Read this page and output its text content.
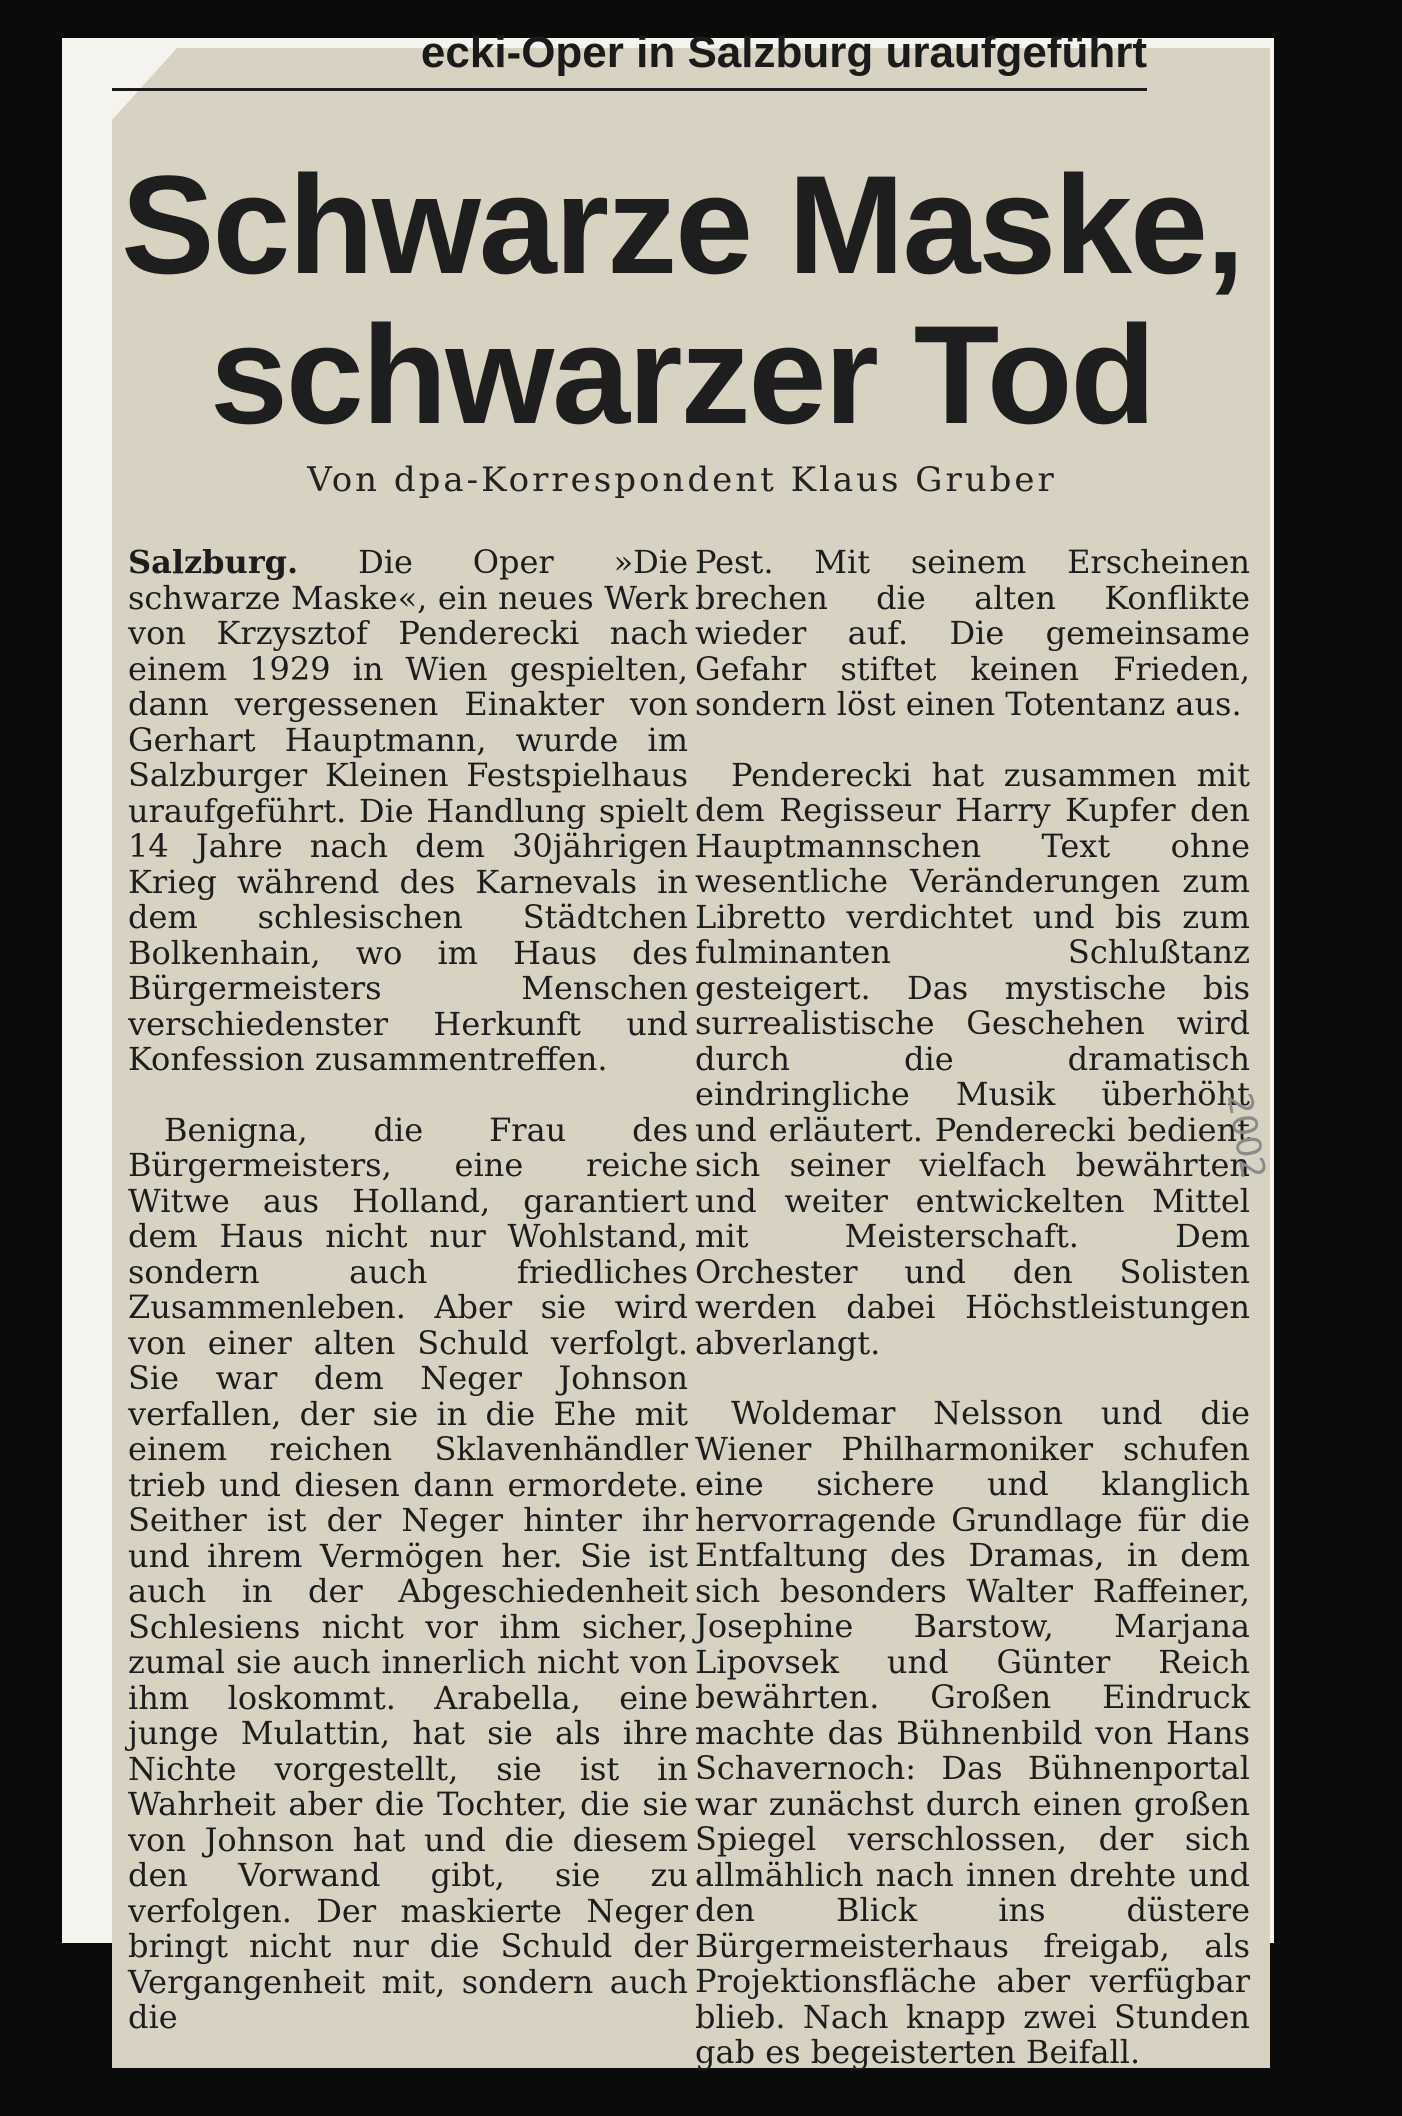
ecki-Oper in Salzburg uraufgeführt
Schwarze Maske,
schwarzer Tod
Von dpa-Korrespondent Klaus Gruber

Salzburg. Die Oper »Die schwarze Maske«, ein neues Werk von Krzysztof Penderecki nach einem 1929 in Wien gespielten, dann vergessenen Einakter von Gerhart Hauptmann, wurde im Salzburger Kleinen Festspielhaus uraufgeführt. Die Handlung spielt 14 Jahre nach dem 30jährigen Krieg während des Karnevals in dem schlesischen Städtchen Bolkenhain, wo im Haus des Bürgermeisters Menschen verschiedenster Herkunft und Konfession zusammentreffen.

Benigna, die Frau des Bürgermeisters, eine reiche Witwe aus Holland, garantiert dem Haus nicht nur Wohlstand, sondern auch friedliches Zusammenleben. Aber sie wird von einer alten Schuld verfolgt. Sie war dem Neger Johnson verfallen, der sie in die Ehe mit einem reichen Sklavenhändler trieb und diesen dann ermordete. Seither ist der Neger hinter ihr und ihrem Vermögen her. Sie ist auch in der Abgeschiedenheit Schlesiens nicht vor ihm sicher, zumal sie auch innerlich nicht von ihm loskommt. Arabella, eine junge Mulattin, hat sie als ihre Nichte vorgestellt, sie ist in Wahrheit aber die Tochter, die sie von Johnson hat und die diesem den Vorwand gibt, sie zu verfolgen. Der maskierte Neger bringt nicht nur die Schuld der Vergangenheit mit, sondern auch die

Pest. Mit seinem Erscheinen brechen die alten Konflikte wieder auf. Die gemeinsame Gefahr stiftet keinen Frieden, sondern löst einen Totentanz aus.

Penderecki hat zusammen mit dem Regisseur Harry Kupfer den Hauptmannschen Text ohne wesentliche Veränderungen zum Libretto verdichtet und bis zum fulminanten Schlußtanz gesteigert. Das mystische bis surrealistische Geschehen wird durch die dramatisch eindringliche Musik überhöht und erläutert. Penderecki bedient sich seiner vielfach bewährten und weiter entwickelten Mittel mit Meisterschaft. Dem Orchester und den Solisten werden dabei Höchstleistungen abverlangt.

Woldemar Nelsson und die Wiener Philharmoniker schufen eine sichere und klanglich hervorragende Grundlage für die Entfaltung des Dramas, in dem sich besonders Walter Raffeiner, Josephine Barstow, Marjana Lipovsek und Günter Reich bewährten. Großen Eindruck machte das Bühnenbild von Hans Schavernoch: Das Bühnenportal war zunächst durch einen großen Spiegel verschlossen, der sich allmählich nach innen drehte und den Blick ins düstere Bürgermeisterhaus freigab, als Projektionsfläche aber verfügbar blieb. Nach knapp zwei Stunden gab es begeisterten Beifall.

2002
